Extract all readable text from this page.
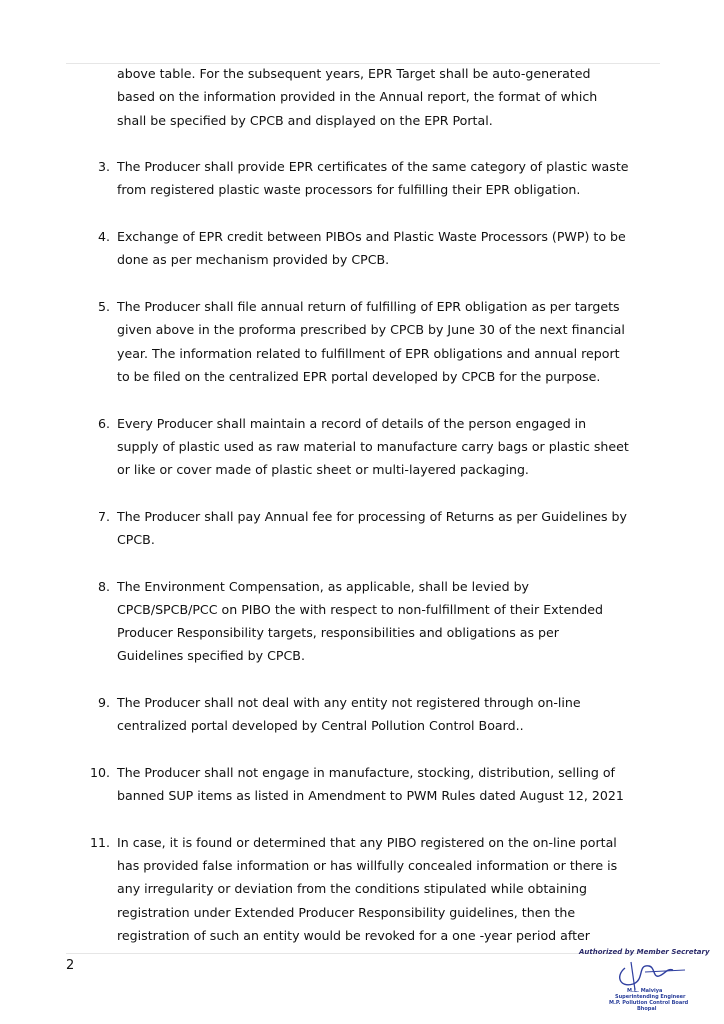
above table. For the subsequent years, EPR Target shall be auto-generated
based on the information provided in the Annual report, the format of which
shall be specified by CPCB and displayed on the EPR Portal.

3. The Producer shall provide EPR certificates of the same category of plastic waste
from registered plastic waste processors for fulfilling their EPR obligation.

4. Exchange of EPR credit between PIBOs and Plastic Waste Processors (PWP) to be
done as per mechanism provided by CPCB.

5. The Producer shall file annual return of fulfilling of EPR obligation as per targets
given above in the proforma prescribed by CPCB by June 30 of the next financial
year. The information related to fulfillment of EPR obligations and annual report
to be filed on the centralized EPR portal developed by CPCB for the purpose.

6. Every Producer shall maintain a record of details of the person engaged in
supply of plastic used as raw material to manufacture carry bags or plastic sheet
or like or cover made of plastic sheet or multi-layered packaging.

7. The Producer shall pay Annual fee for processing of Returns as per Guidelines by
CPCB.

8. The Environment Compensation, as applicable, shall be levied by
CPCB/SPCB/PCC on PIBO the with respect to non-fulfillment of their Extended
Producer Responsibility targets, responsibilities and obligations as per
Guidelines specified by CPCB.

9. The Producer shall not deal with any entity not registered through on-line
centralized portal developed by Central Pollution Control Board..

10. The Producer shall not engage in manufacture, stocking, distribution, selling of
banned SUP items as listed in Amendment to PWM Rules dated August 12, 2021

11. In case, it is found or determined that any PIBO registered on the on-line portal
has provided false information or has willfully concealed information or there is
any irregularity or deviation from the conditions stipulated while obtaining
registration under Extended Producer Responsibility guidelines, then the
registration of such an entity would be revoked for a one -year period after

2
Authorized by Member Secretary
M.L. Malviya
Superintending Engineer
M.P. Pollution Control Board
Bhopal
